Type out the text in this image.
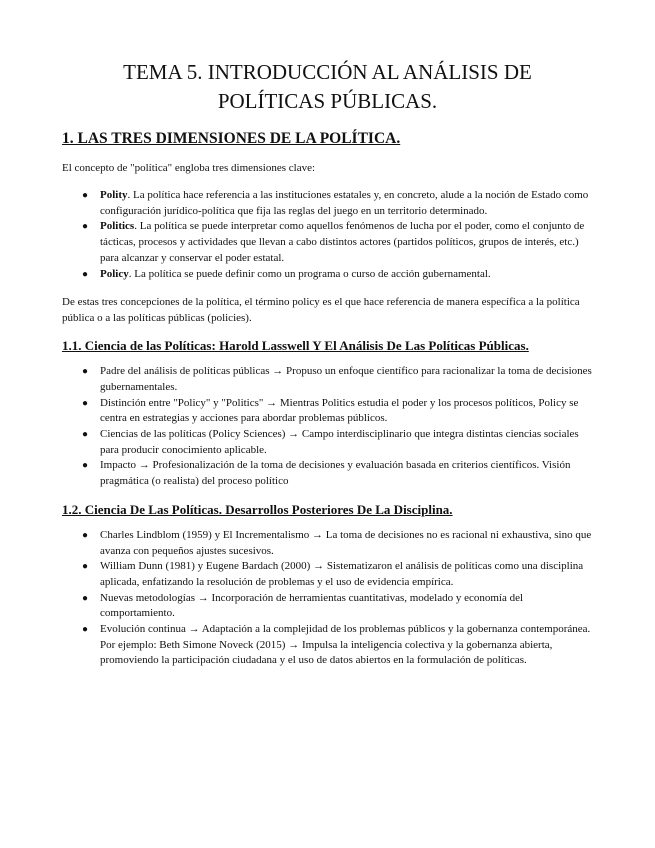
TEMA 5. INTRODUCCIÓN AL ANÁLISIS DE
POLÍTICAS PÚBLICAS.
1. LAS TRES DIMENSIONES DE LA POLÍTICA.

El concepto de "política" engloba tres dimensiones clave:

● Polity. La política hace referencia a las instituciones estatales y, en concreto, alude a la noción de Estado como configuración jurídico-política que fija las reglas del juego en un territorio determinado.
● Politics. La política se puede interpretar como aquellos fenómenos de lucha por el poder, como el conjunto de tácticas, procesos y actividades que llevan a cabo distintos actores (partidos políticos, grupos de interés, etc.) para alcanzar y conservar el poder estatal.
● Policy. La política se puede definir como un programa o curso de acción gubernamental.

De estas tres concepciones de la política, el término policy es el que hace referencia de manera específica a la política pública o a las políticas públicas (policies).

1.1. Ciencia de las Políticas: Harold Lasswell Y El Análisis De Las Políticas Públicas.
● Padre del análisis de políticas públicas → Propuso un enfoque científico para racionalizar la toma de decisiones gubernamentales.
● Distinción entre "Policy" y "Politics" → Mientras Politics estudia el poder y los procesos políticos, Policy se centra en estrategias y acciones para abordar problemas públicos.
● Ciencias de las políticas (Policy Sciences) → Campo interdisciplinario que integra distintas ciencias sociales para producir conocimiento aplicable.
● Impacto → Profesionalización de la toma de decisiones y evaluación basada en criterios científicos. Visión pragmática (o realista) del proceso político
1.2. Ciencia De Las Políticas. Desarrollos Posteriores De La Disciplina.
● Charles Lindblom (1959) y El Incrementalismo → La toma de decisiones no es racional ni exhaustiva, sino que avanza con pequeños ajustes sucesivos.
● William Dunn (1981) y Eugene Bardach (2000) → Sistematizaron el análisis de políticas como una disciplina aplicada, enfatizando la resolución de problemas y el uso de evidencia empírica.
● Nuevas metodologías → Incorporación de herramientas cuantitativas, modelado y economía del comportamiento.
● Evolución continua → Adaptación a la complejidad de los problemas públicos y la gobernanza contemporánea.
Por ejemplo: Beth Simone Noveck (2015) → Impulsa la inteligencia colectiva y la gobernanza abierta, promoviendo la participación ciudadana y el uso de datos abiertos en la formulación de políticas.
